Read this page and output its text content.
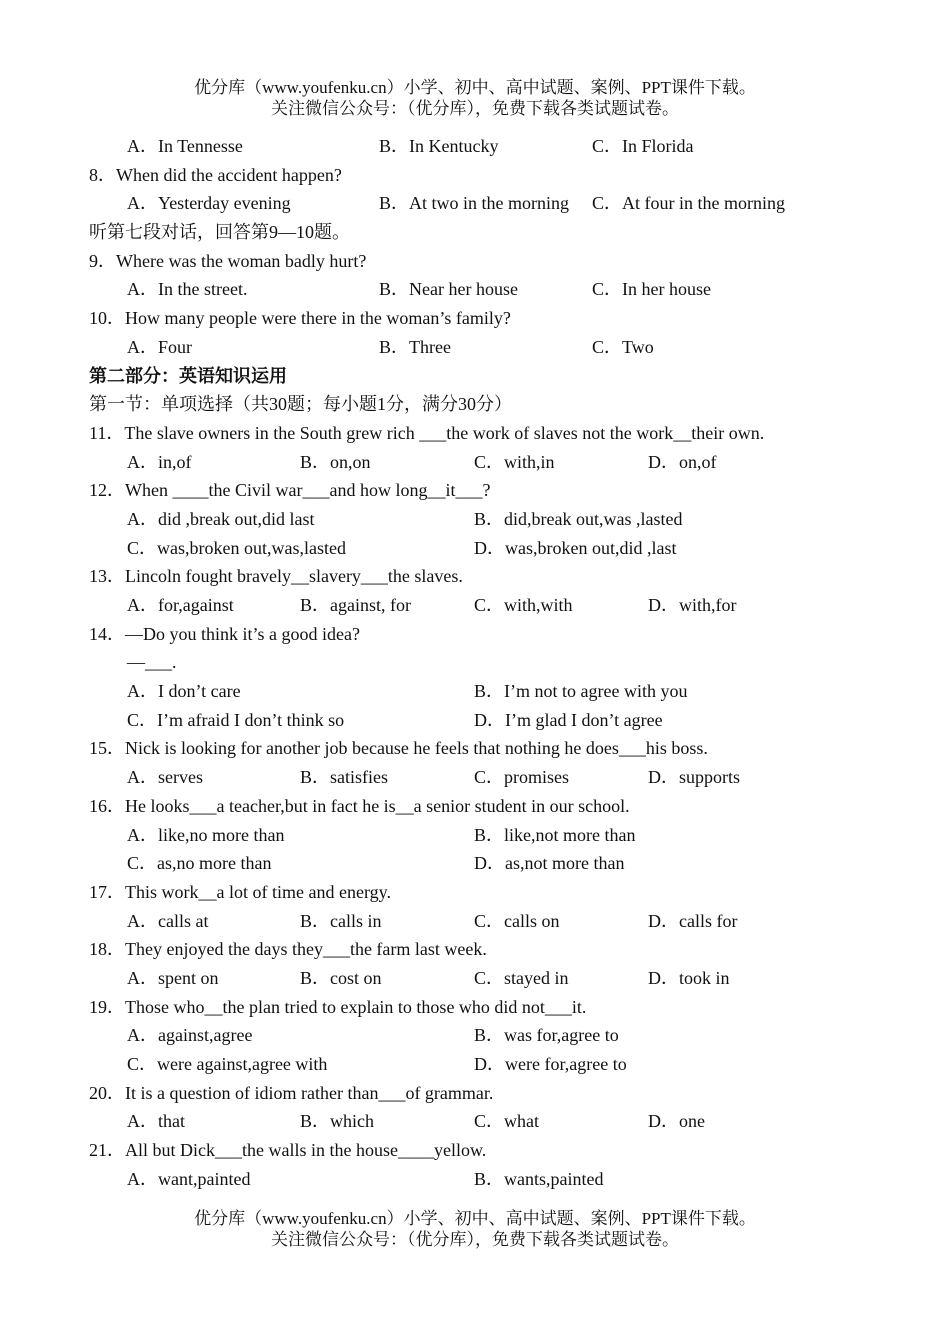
优分库（www.youfenku.cn）小学、初中、高中试题、案例、PPT课件下载。
关注微信公众号：（优分库），免费下载各类试题试卷。
A．In Tennesse	B．In Kentucky	C．In Florida
8．When did the accident happen?
A．Yesterday evening	B．At two in the morning C．At four in the morning
听第七段对话，回答第9—10题。
9．Where was the woman badly hurt?
A．In the street.	B．Near her house	C．In her house
10．How many people were there in the woman’s family?
A．Four	B．Three	C．Two
第二部分：英语知识运用
第一节：单项选择（共30题；每小题1分，满分30分）
11．The slave owners in the South grew rich ___the work of slaves not the work__their own.
A．in,of	B．on,on	C．with,in	D．on,of
12．When ____the Civil war___and how long__it___?
A．did ,break out,did last	B．did,break out,was ,lasted
C．was,broken out,was,lasted	D．was,broken out,did ,last
13．Lincoln fought bravely__slavery___the slaves.
A．for,against	B．against, for	C．with,with	D．with,for
14．—Do you think it’s a good idea?
—___.
A．I don’t care	B．I’m not to agree with you
C．I’m afraid I don’t think so	D．I’m glad I don’t agree
15．Nick is looking for another job because he feels that nothing he does___his boss.
A．serves	B．satisfies	C．promises	D．supports
16．He looks___a teacher,but in fact he is__a senior student in our school.
A．like,no more than	B．like,not more than
C．as,no more than	D．as,not more than
17．This work__a lot of time and energy.
A．calls at	B．calls in	C．calls on	D．calls for
18．They enjoyed the days they___the farm last week.
A．spent on	B．cost on	C．stayed in	D．took in
19．Those who__the plan tried to explain to those who did not___it.
A．against,agree	B．was for,agree to
C．were against,agree with	D．were for,agree to
20．It is a question of idiom rather than___of grammar.
A．that	B．which	C．what	D．one
21．All but Dick___the walls in the house____yellow.
A．want,painted	B．wants,painted
优分库（www.youfenku.cn）小学、初中、高中试题、案例、PPT课件下载。
关注微信公众号：（优分库），免费下载各类试题试卷。
